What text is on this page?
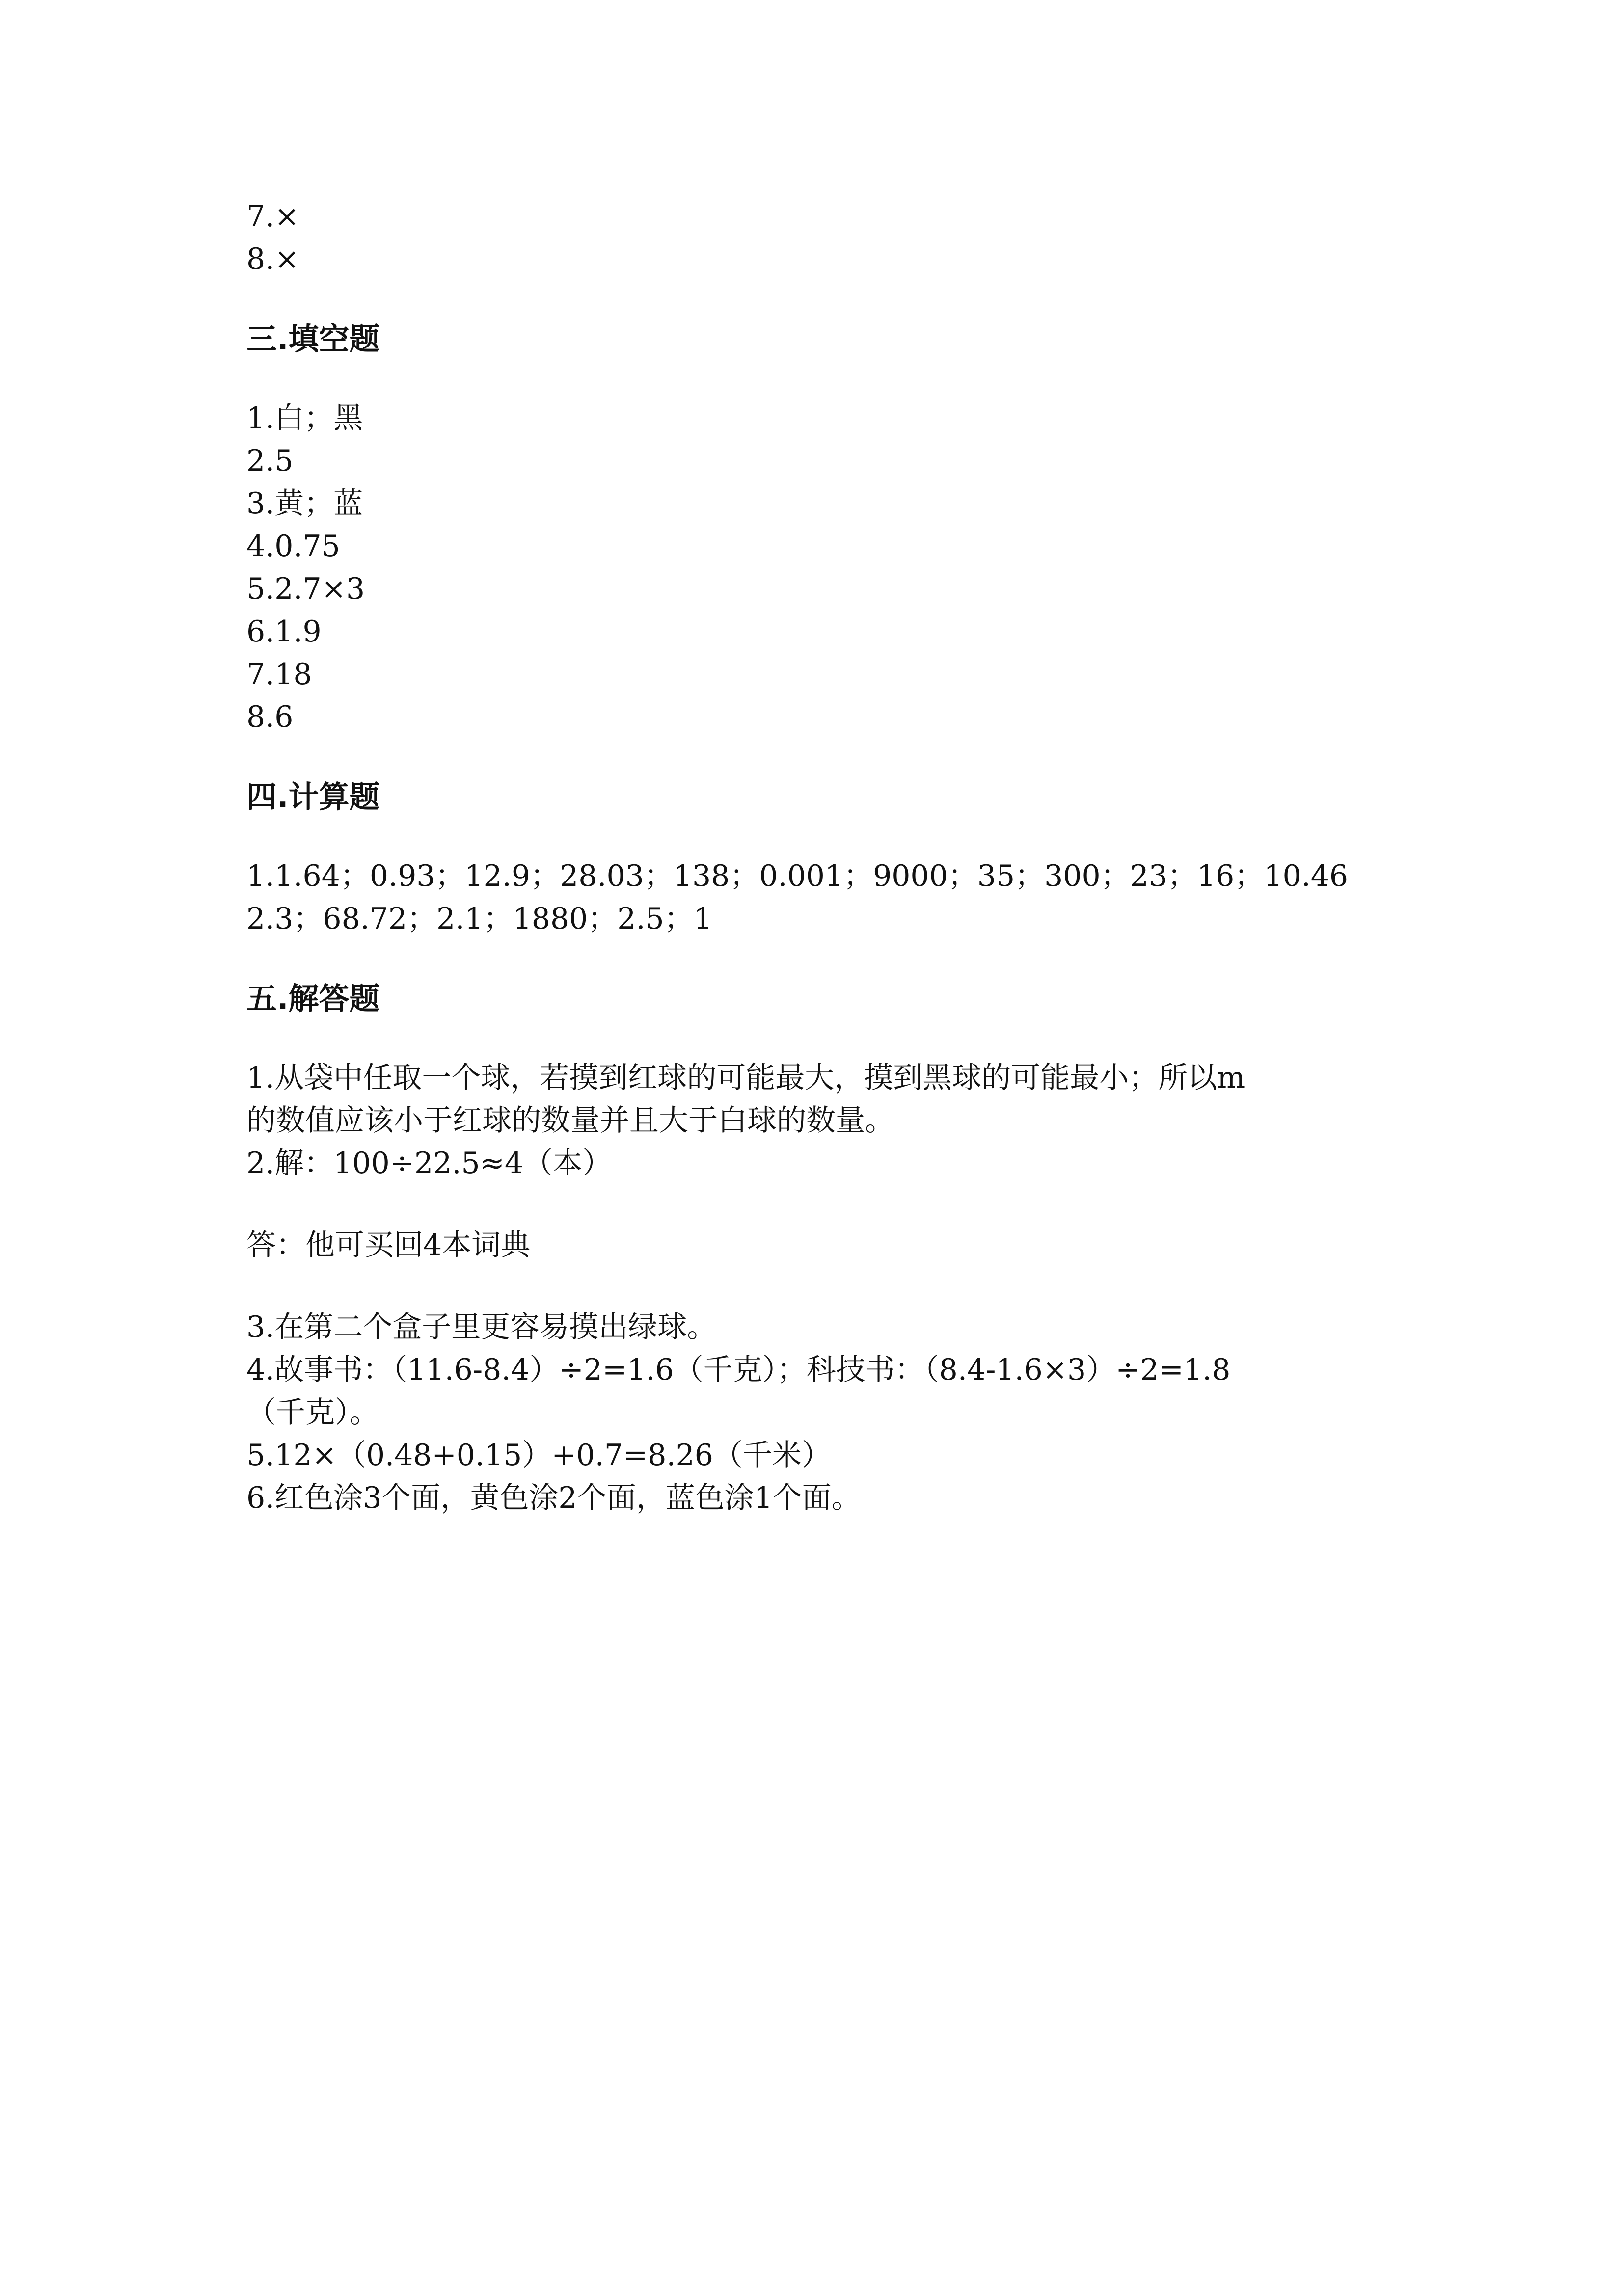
7.×

8.×

三.填空题

1.白；黑

2.5

3.黄；蓝

4.0.75

5.2.7×3

6.1.9

7.18

8.6

四.计算题

1.1.64；0.93；12.9；28.03；138；0.001；9000；35；300；23；16；10.46

2.3；68.72；2.1；1880；2.5；1

五.解答题

1.从袋中任取一个球，若摸到红球的可能最大，摸到黑球的可能最小；所以m

的数值应该小于红球的数量并且大于白球的数量。

2.解：100÷22.5≈4（本）

答：他可买回4本词典

3.在第二个盒子里更容易摸出绿球。

4.故事书：（11.6-8.4）÷2=1.6（千克）；科技书：（8.4-1.6×3）÷2=1.8

（千克）。

5.12×（0.48+0.15）+0.7=8.26（千米）

6.红色涂3个面，黄色涂2个面，蓝色涂1个面。
